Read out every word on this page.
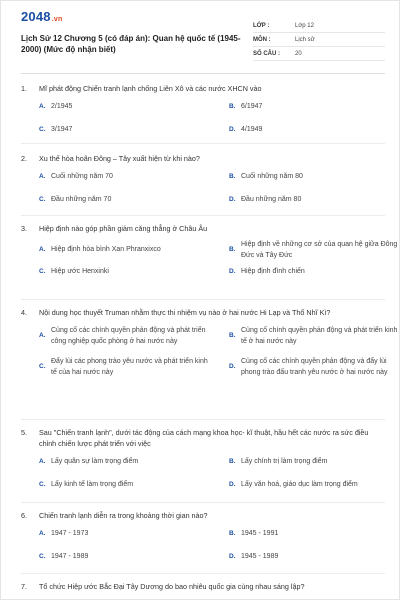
2048.vn
Lịch Sử 12 Chương 5 (có đáp án): Quan hệ quốc tế (1945-2000) (Mức độ nhận biết)
LỚP :	Lớp 12
MÔN :	Lịch sử
SỐ CÂU :	20
1.	Mĩ phát động Chiến tranh lạnh chống Liên Xô và các nước XHCN vào
A. 2/1945	B. 6/1947
C. 3/1947	D. 4/1949
2.	Xu thế hòa hoãn Đông – Tây xuất hiện từ khi nào?
A. Cuối những năm 70	B. Cuối những năm 80
C. Đầu những năm 70	D. Đầu những năm 80
3.	Hiệp định nào góp phần giảm căng thẳng ở Châu Âu
A. Hiệp định hòa bình Xan Phranxixco	B.
Hiệp định về những cơ sở của quan hệ giữa Đông Đức và Tây Đức
C. Hiệp ước Henxinki	D. Hiệp định đình chiến
4.	Nội dung học thuyết Truman nhằm thực thi nhiệm vụ nào ở hai nước Hi Lạp và Thổ Nhĩ Kì?
A.
Củng cố các chính quyền phản động và phát triển công nghiệp quốc phòng ở hai nước này
B.
Củng cố chính quyền phản động và phát triển kinh tế ở hai nước này
C.
Đẩy lùi các phong trào yêu nước và phát triển kinh tế của hai nước này
D.
Củng cố các chính quyền phản động và đẩy lùi phong trào đấu tranh yêu nước ở hai nước này
5.	Sau "Chiến tranh lạnh", dưới tác động của cách mạng khoa học- kĩ thuật, hầu hết các nước ra sức điều chỉnh chiến lược phát triển với việc
A. Lấy quân sự làm trọng điểm	B. Lấy chính trị làm trọng điểm
C. Lấy kinh tế làm trọng điểm	D. Lấy văn hoá, giáo dục làm trọng điểm
6.	Chiến tranh lạnh diễn ra trong khoảng thời gian nào?
A. 1947 - 1973	B. 1945 - 1991
C. 1947 - 1989	D. 1945 - 1989
7.	Tổ chức Hiệp ước Bắc Đại Tây Dương do bao nhiêu quốc gia cùng nhau sáng lập?
